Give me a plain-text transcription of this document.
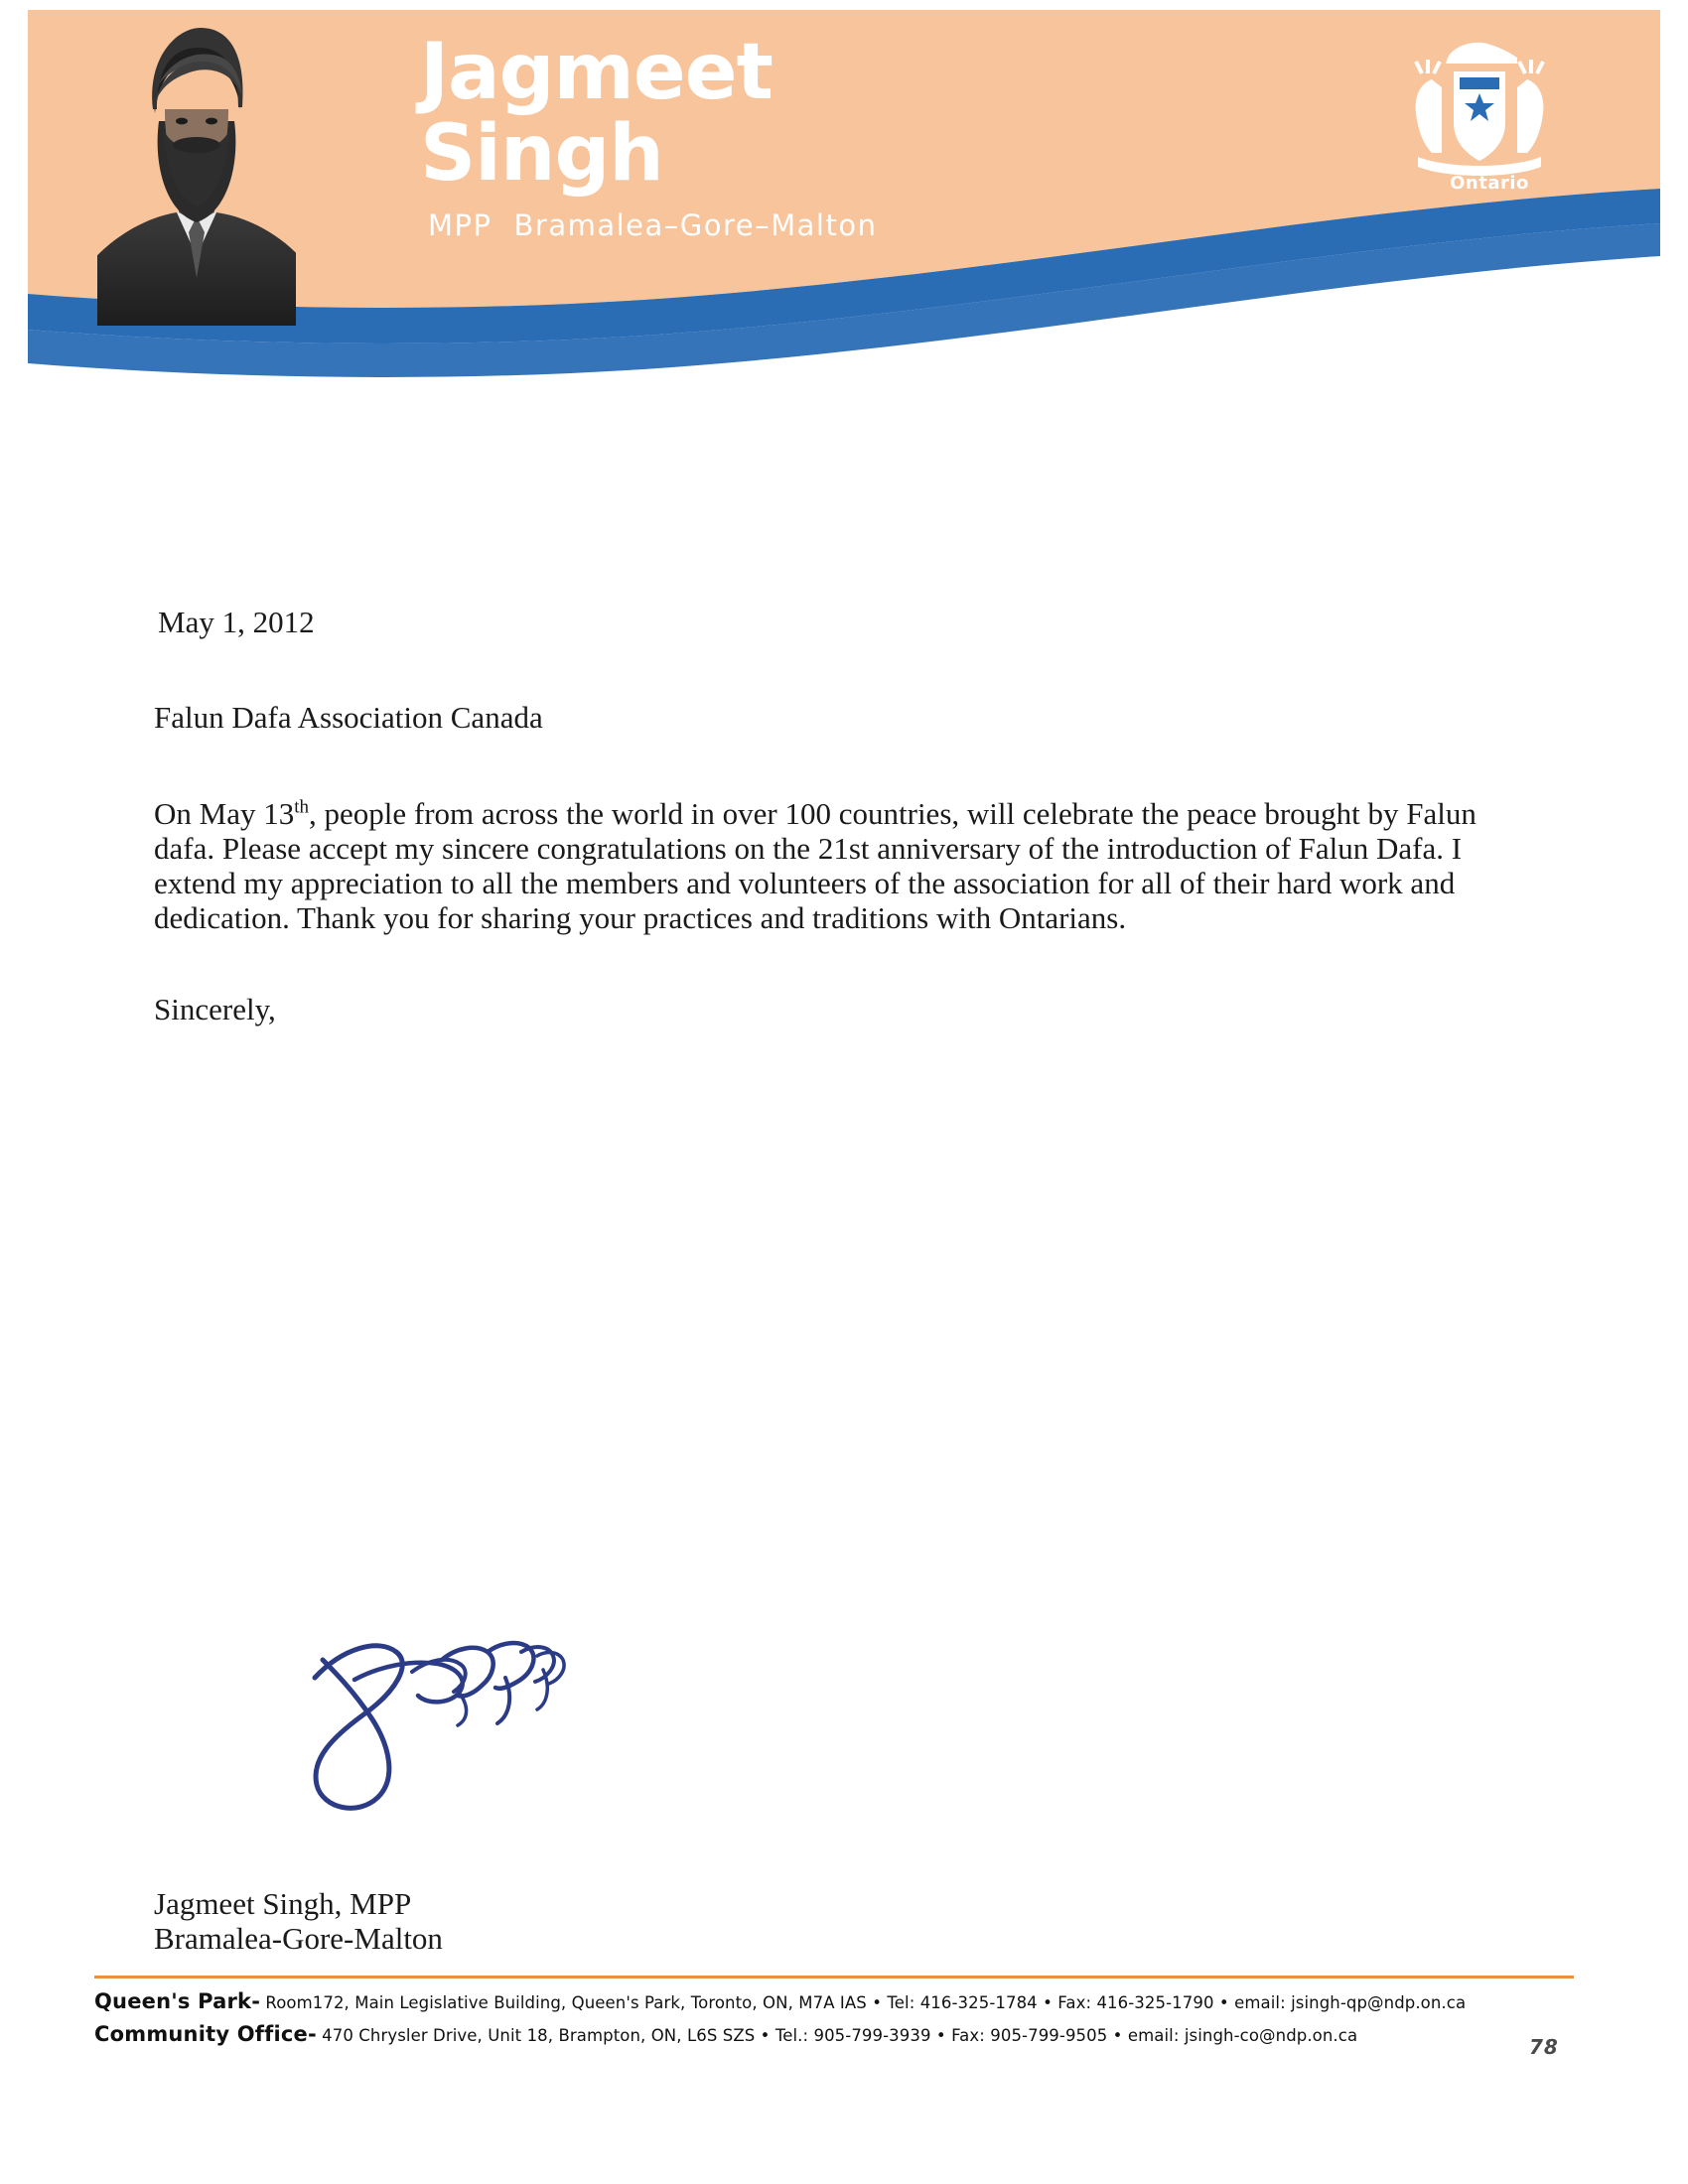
Jagmeet
Singh
MPP Bramalea–Gore–Malton
Ontario
May 1, 2012
Falun Dafa Association Canada
On May 13th, people from across the world in over 100 countries, will celebrate the peace brought by Falun dafa. Please accept my sincere congratulations on the 21st anniversary of the introduction of Falun Dafa. I extend my appreciation to all the members and volunteers of the association for all of their hard work and dedication. Thank you for sharing your practices and traditions with Ontarians.
Sincerely,
Jagmeet Singh, MPP
Bramalea-Gore-Malton
Queen's Park- Room172, Main Legislative Building, Queen's Park, Toronto, ON, M7A IAS • Tel: 416-325-1784 • Fax: 416-325-1790 • email: jsingh-qp@ndp.on.ca
Community Office- 470 Chrysler Drive, Unit 18, Brampton, ON, L6S SZS • Tel.: 905-799-3939 • Fax: 905-799-9505 • email: jsingh-co@ndp.on.ca	78
